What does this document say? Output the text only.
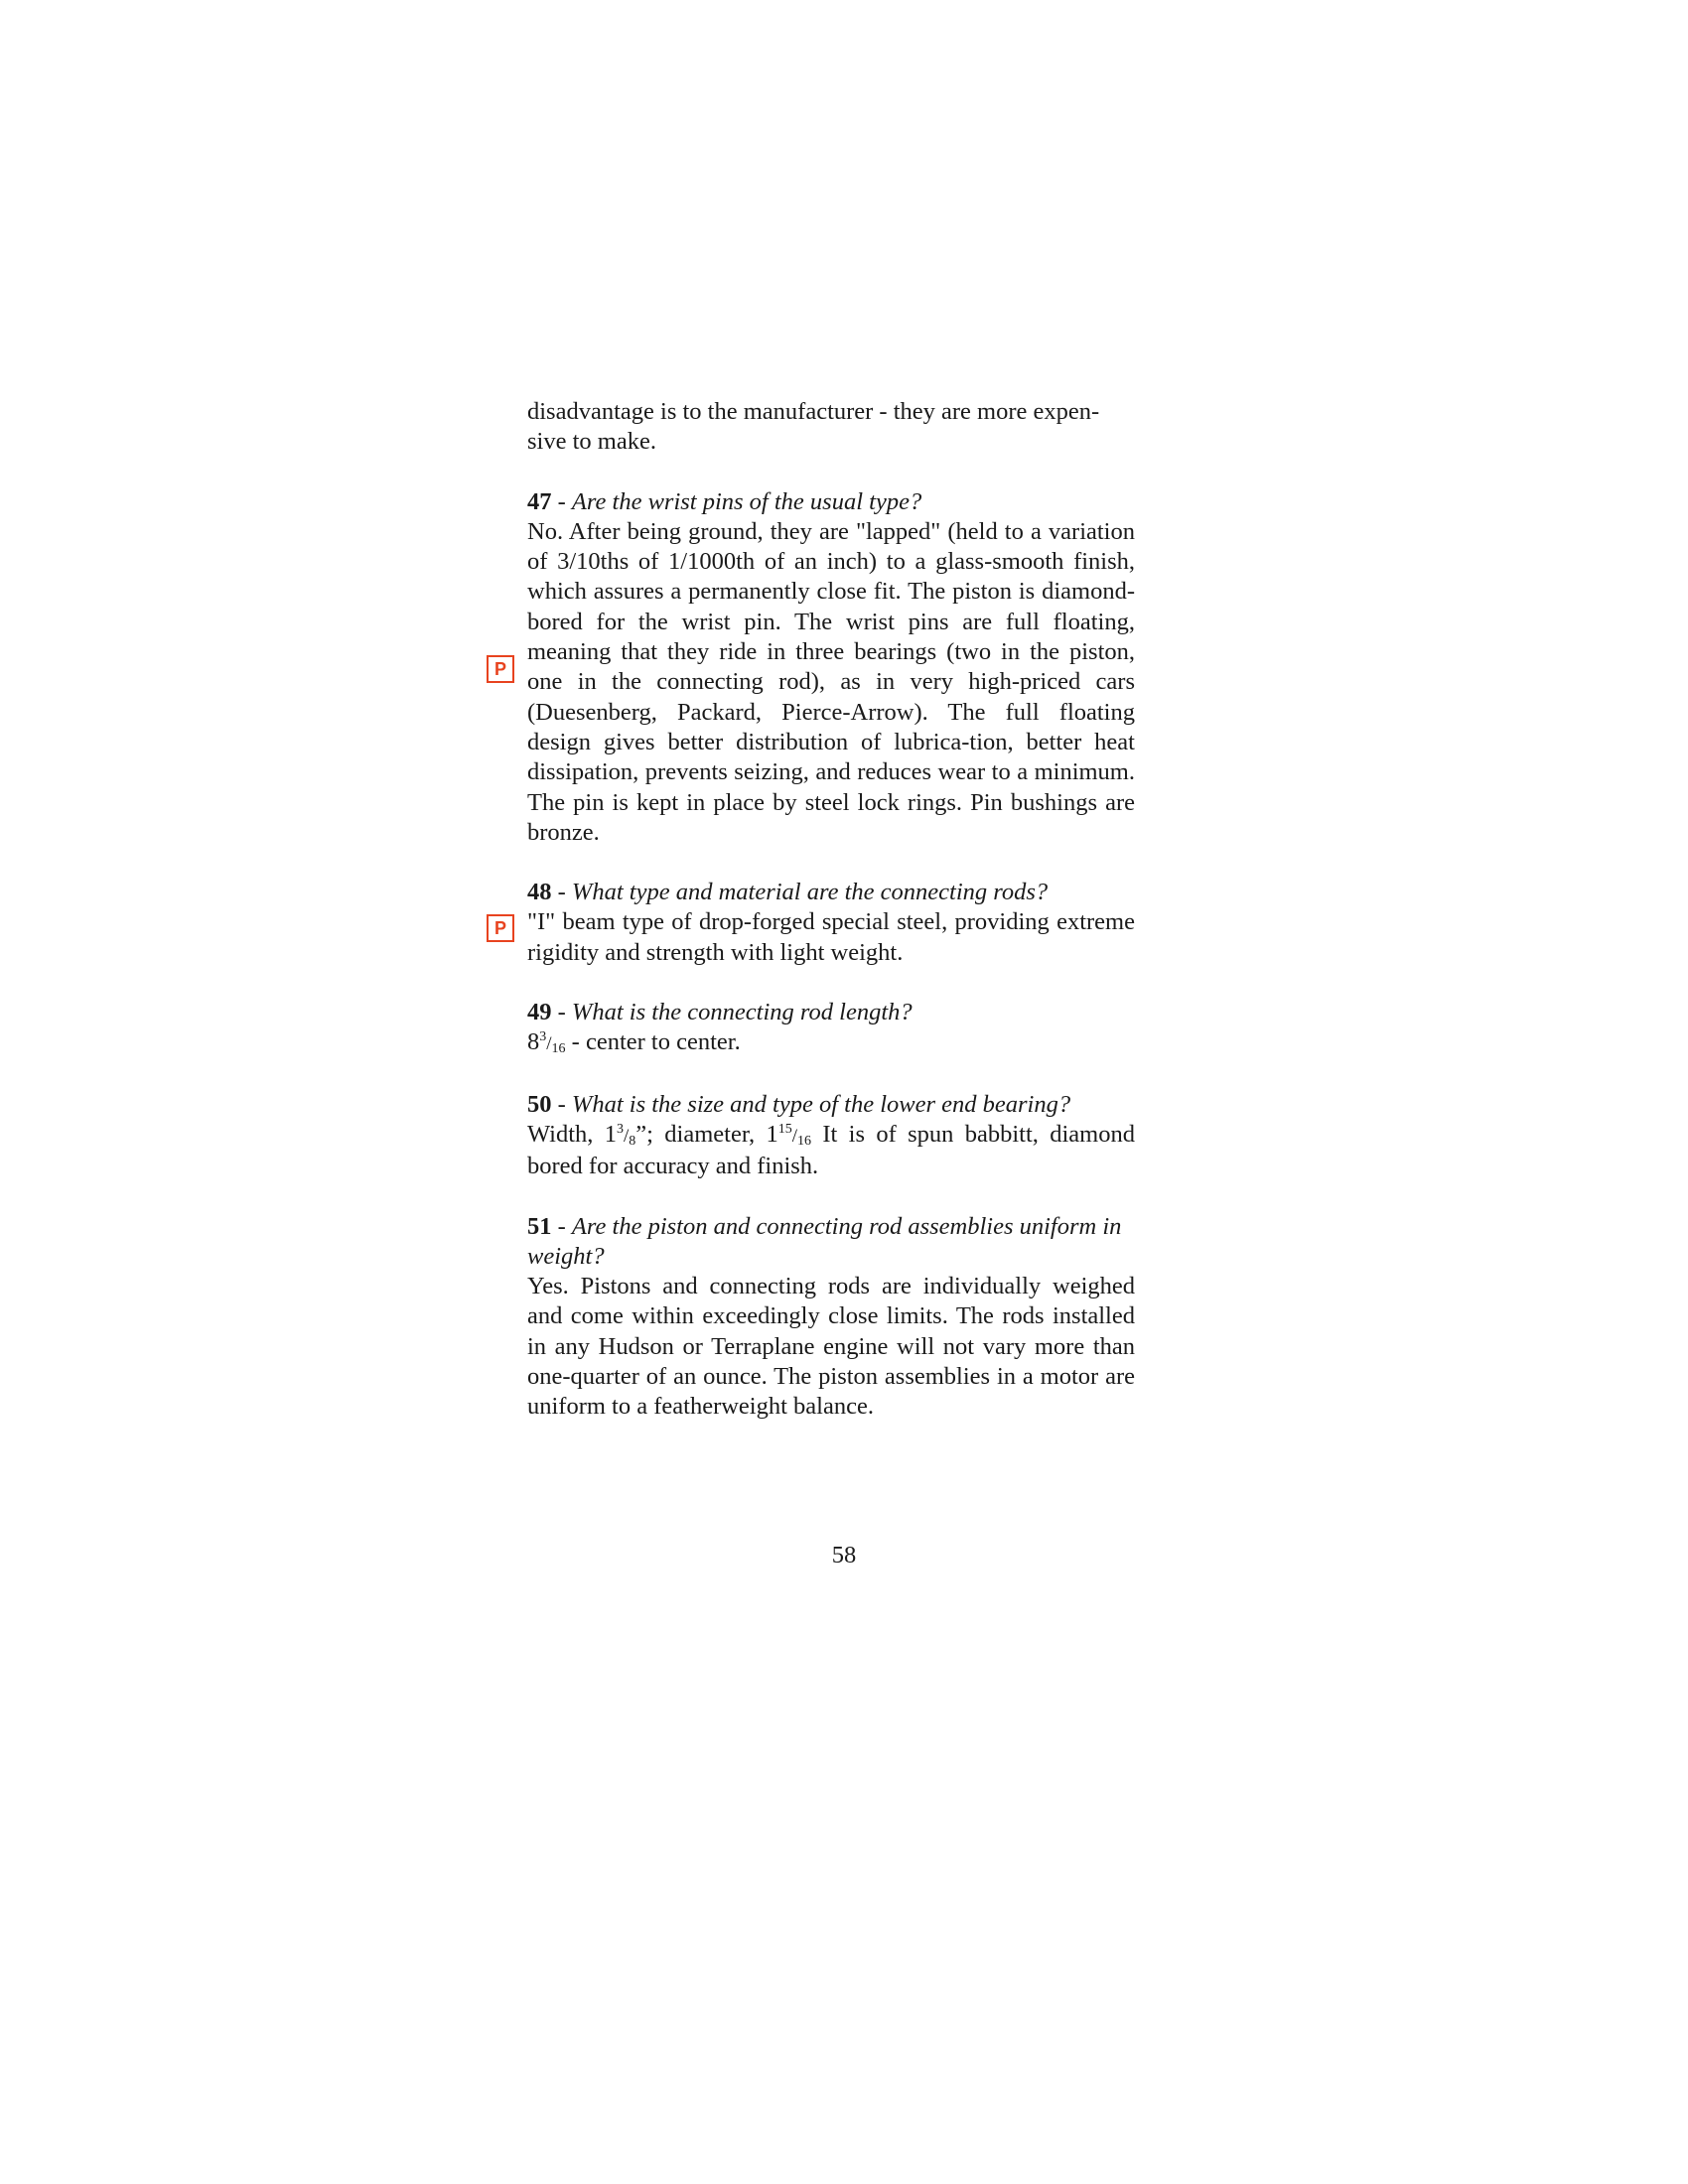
disadvantage is to the manufacturer - they are more expen-
sive to make.

47 - Are the wrist pins of the usual type?

No. After being ground, they are "lapped" (held to a variation of 3/10ths of 1/1000th of an inch) to a glass-smooth finish, which assures a permanently close fit. The piston is diamond-bored for the wrist pin. The wrist pins are full floating, meaning that they ride in three bearings (two in the piston, one in the connecting rod), as in very high-priced cars (Duesenberg, Packard, Pierce-Arrow). The full floating design gives better distribution of lubrica-tion, better heat dissipation, prevents seizing, and reduces wear to a minimum. The pin is kept in place by steel lock rings. Pin bushings are bronze.

48 - What type and material are the connecting rods?

"I" beam type of drop-forged special steel, providing extreme rigidity and strength with light weight.

49 - What is the connecting rod length?

$8^3/16$ - center to center.

50 - What is the size and type of the lower end bearing?

Width, $1^3/8$”; diameter, $1^{15}/16$ It is of spun babbitt, diamond bored for accuracy and finish.

51 - Are the piston and connecting rod assemblies uniform in weight?

Yes. Pistons and connecting rods are individually weighed and come within exceedingly close limits. The rods installed in any Hudson or Terraplane engine will not vary more than one-quarter of an ounce. The piston assemblies in a motor are uniform to a featherweight balance.

P
P
58
